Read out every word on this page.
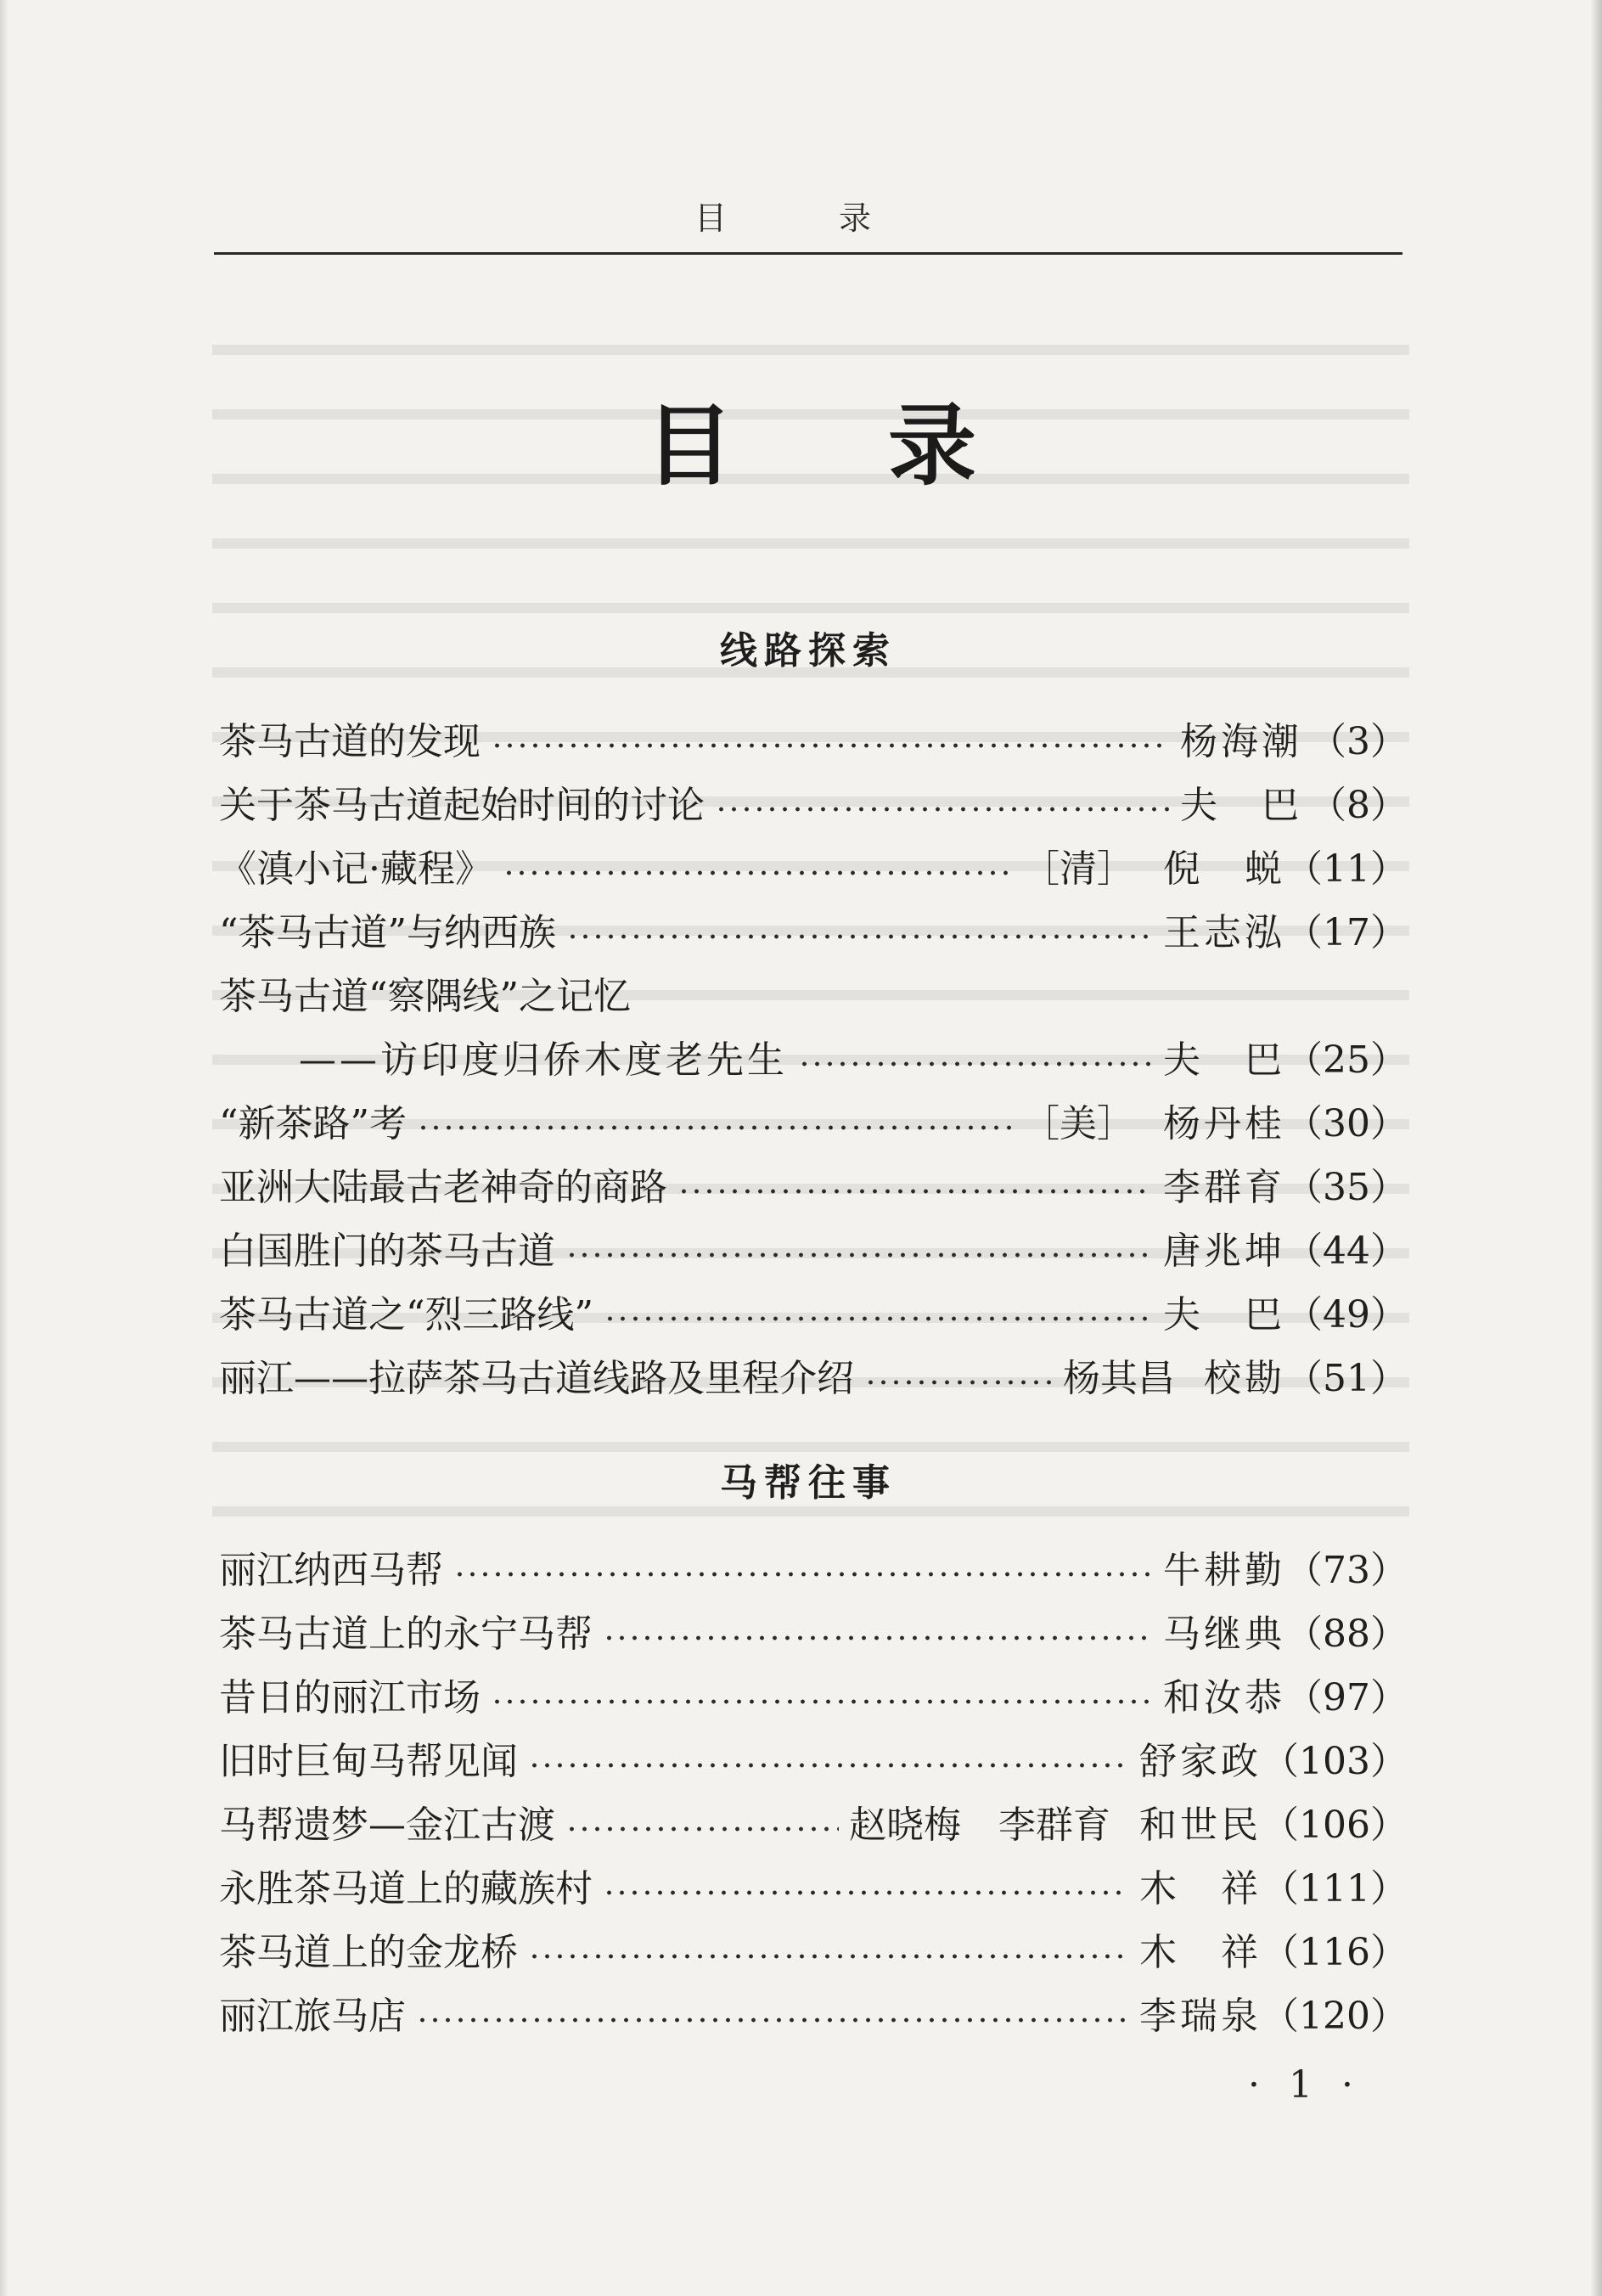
目 录
目 录
线路探索
茶马古道的发现	杨海潮 （3）
关于茶马古道起始时间的讨论	夫　巴 （8）
《滇小记·藏程》	［清］ 倪　蜕 （11）
“茶马古道”与纳西族	王志泓 （17）
茶马古道“察隅线”之记忆
——访印度归侨木度老先生	夫　巴 （25）
“新茶路”考	［美］ 杨丹桂 （30）
亚洲大陆最古老神奇的商路	李群育 （35）
白国胜门的茶马古道	唐兆坤 （44）
茶马古道之“烈三路线”	夫　巴 （49）
丽江——拉萨茶马古道线路及里程介绍	杨其昌 校勘 （51）
马帮往事
丽江纳西马帮	牛耕勤 （73）
茶马古道上的永宁马帮	马继典 （88）
昔日的丽江市场	和汝恭 （97）
旧时巨甸马帮见闻	舒家政 （103）
马帮遗梦—金江古渡	赵晓梅　李群育 和世民 （106）
永胜茶马道上的藏族村	木　祥 （111）
茶马道上的金龙桥	木　祥 （116）
丽江旅马店	李瑞泉 （120）
· 1 ·
